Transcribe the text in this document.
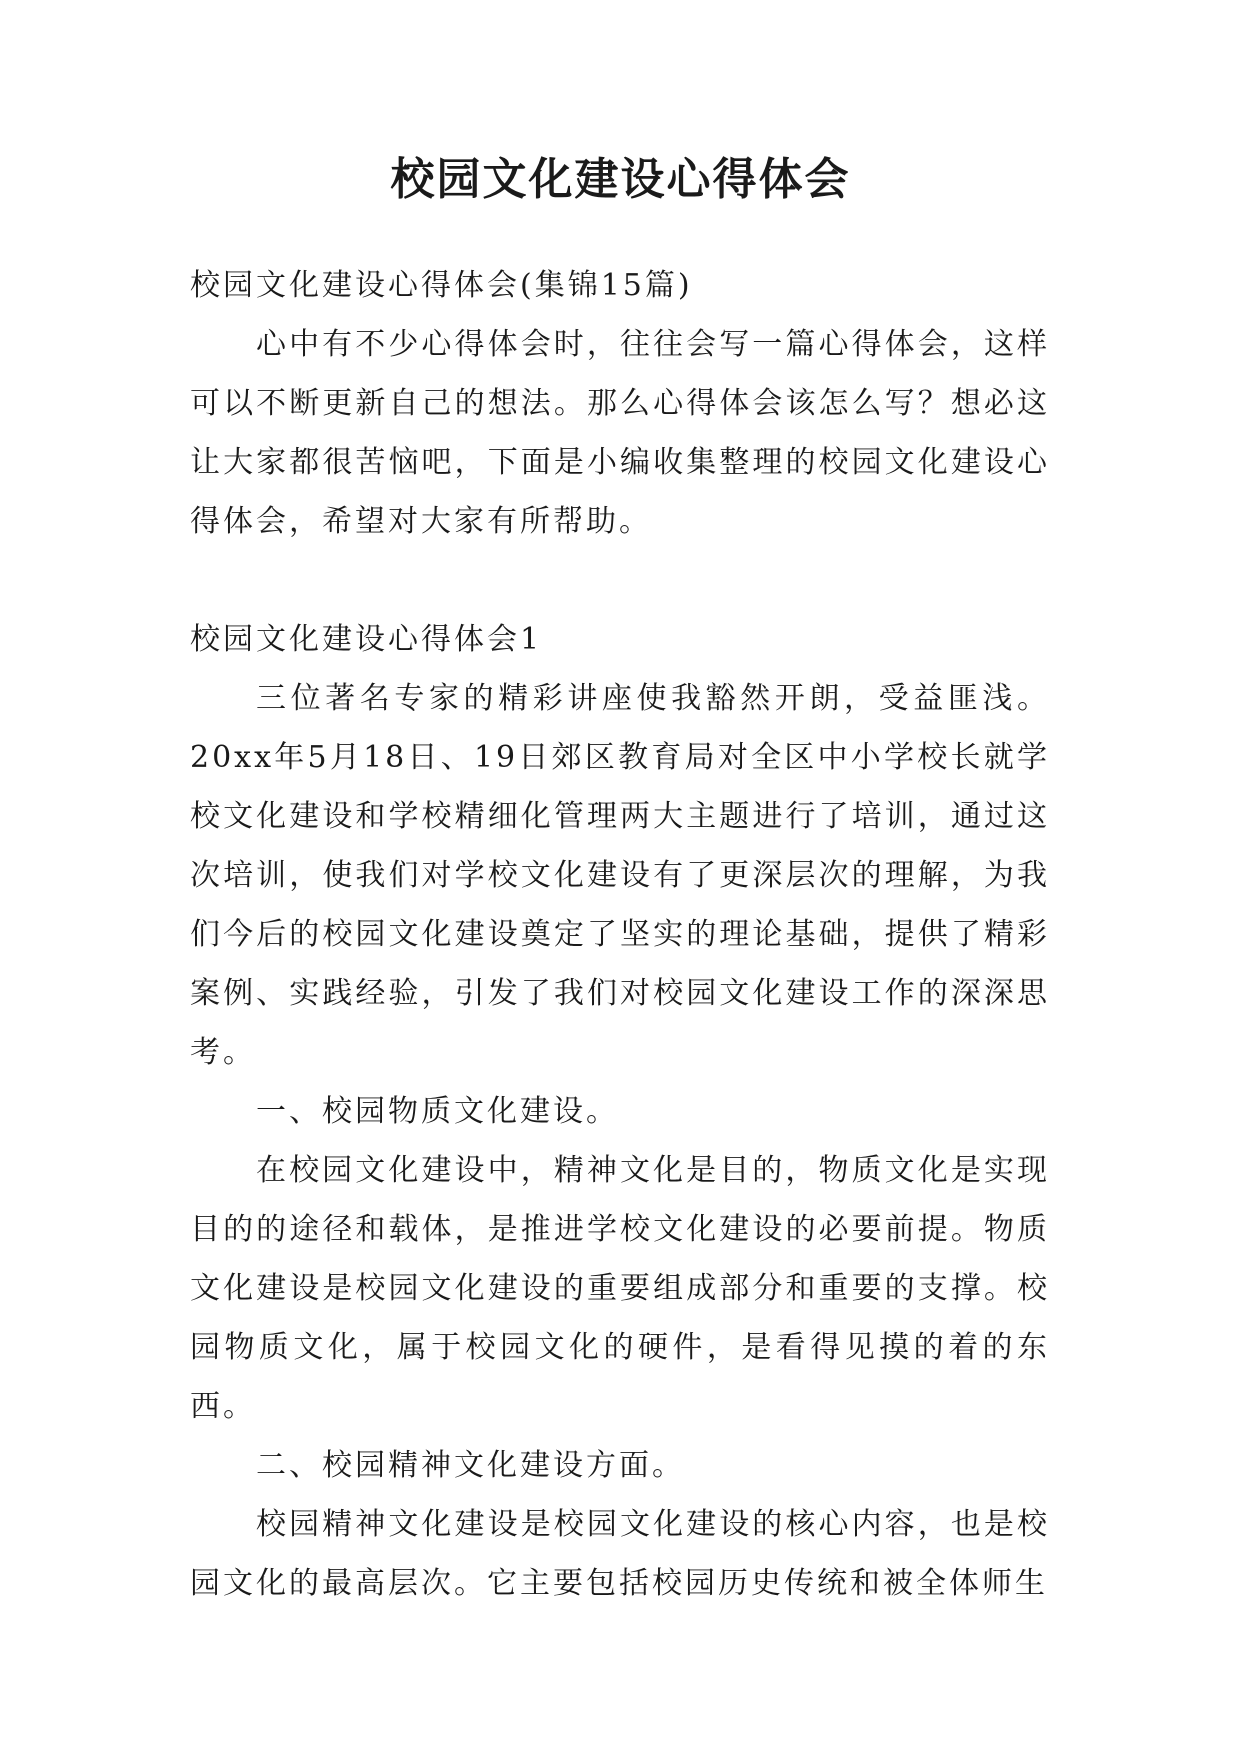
校园文化建设心得体会

校园文化建设心得体会(集锦15篇)

心中有不少心得体会时，往往会写一篇心得体会，这样可以不断更新自己的想法。那么心得体会该怎么写？想必这让大家都很苦恼吧，下面是小编收集整理的校园文化建设心得体会，希望对大家有所帮助。

校园文化建设心得体会1

三位著名专家的精彩讲座使我豁然开朗，受益匪浅。20xx年5月18日、19日郊区教育局对全区中小学校长就学校文化建设和学校精细化管理两大主题进行了培训，通过这次培训，使我们对学校文化建设有了更深层次的理解，为我们今后的校园文化建设奠定了坚实的理论基础，提供了精彩案例、实践经验，引发了我们对校园文化建设工作的深深思考。

一、校园物质文化建设。

在校园文化建设中，精神文化是目的，物质文化是实现目的的途径和载体，是推进学校文化建设的必要前提。物质文化建设是校园文化建设的重要组成部分和重要的支撑。校园物质文化，属于校园文化的硬件，是看得见摸的着的东西。

二、校园精神文化建设方面。

校园精神文化建设是校园文化建设的核心内容，也是校园文化的最高层次。它主要包括校园历史传统和被全体师生
